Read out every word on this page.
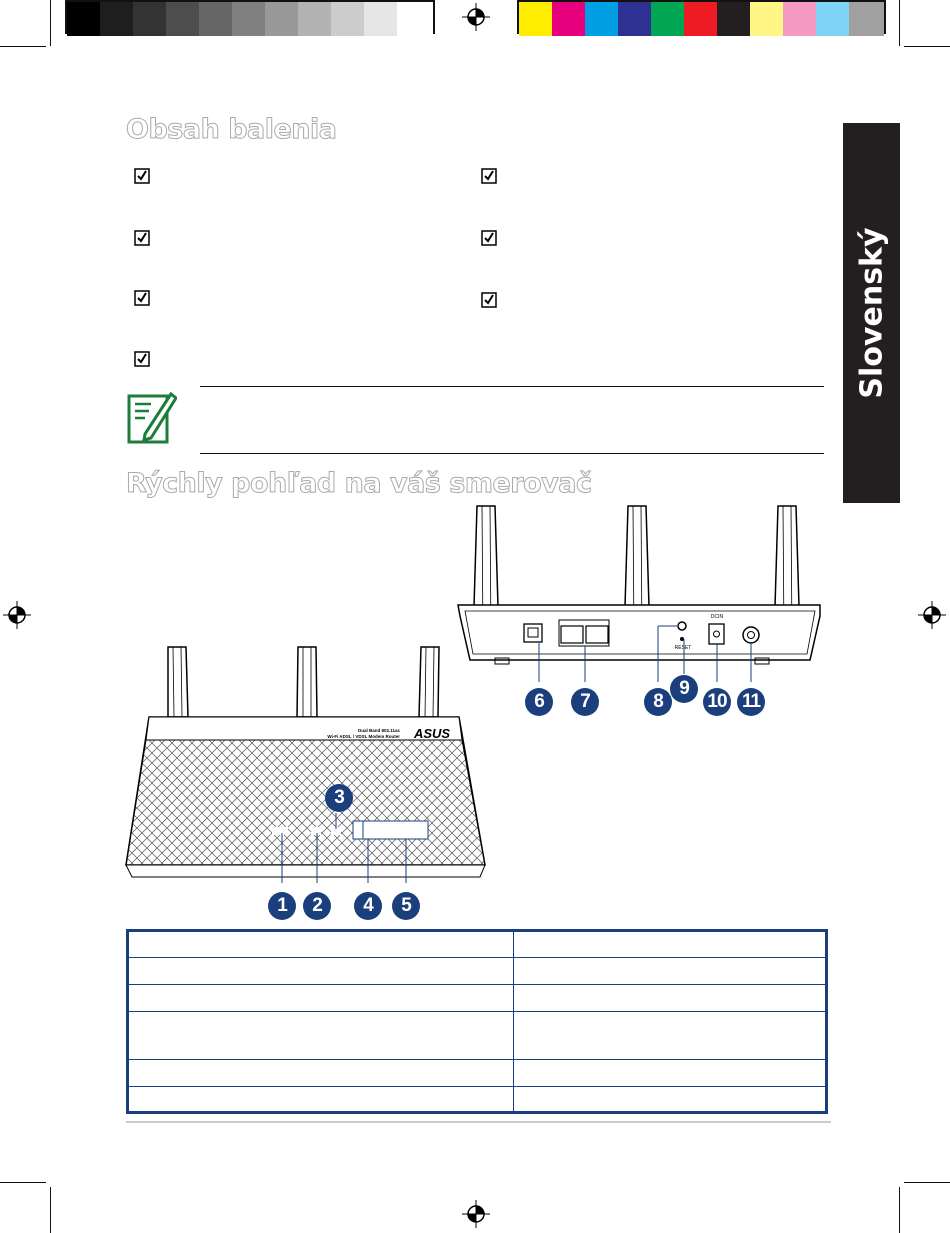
Slovenský
Obsah balenia
Rýchly pohľad na váš smerovač
RESET
DCIN
Dual Band 802.11ac
Wi-Fi ADSL / VDSL Modem Router ASUS
1	2
3
4	5
6	7	8
9
10 11
